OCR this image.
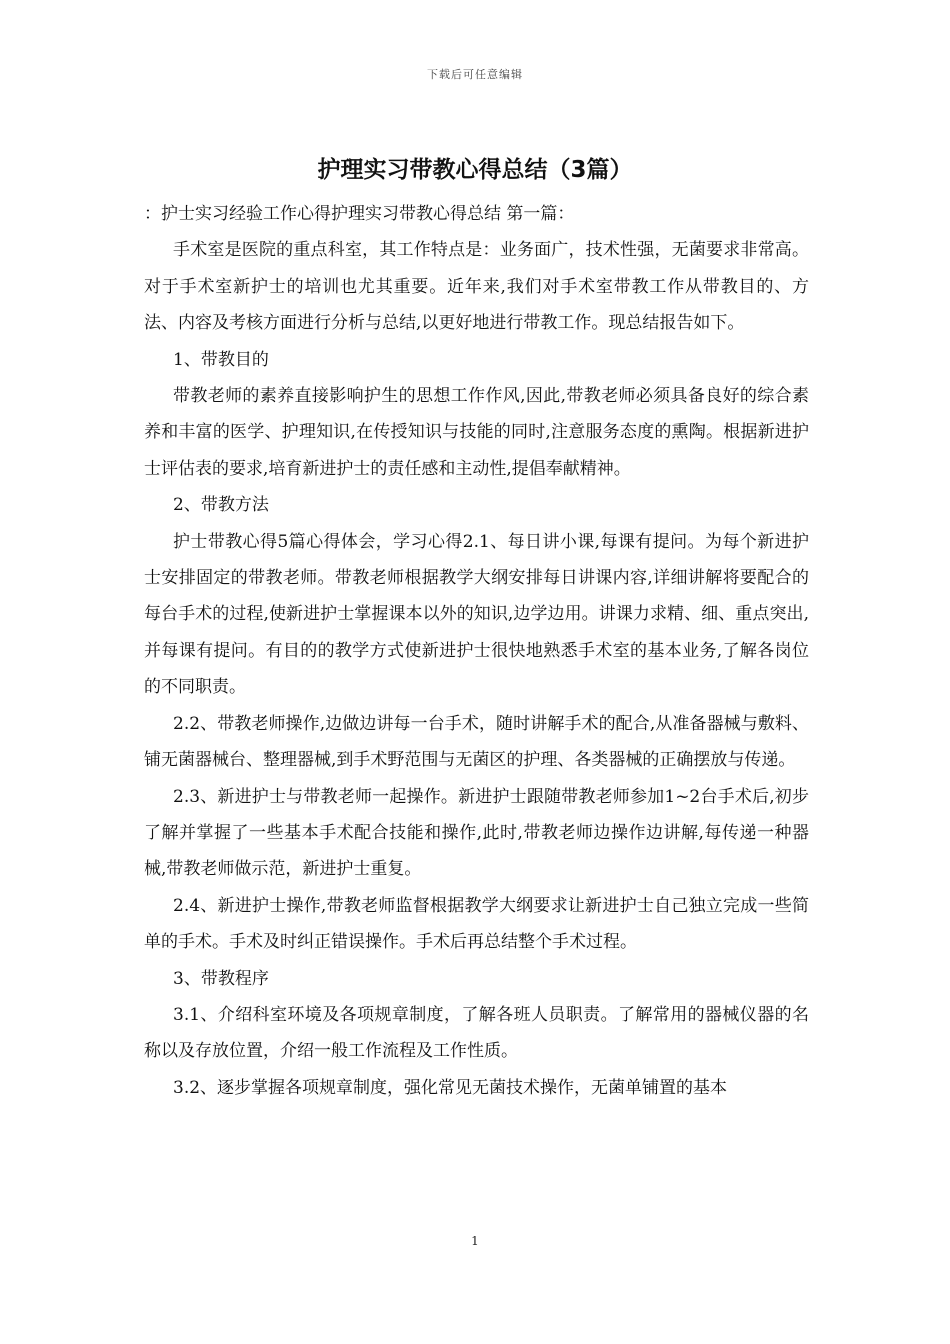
下载后可任意编辑
护理实习带教心得总结（3篇）

：护士实习经验工作心得护理实习带教心得总结 第一篇：

手术室是医院的重点科室，其工作特点是：业务面广，技术性强，无菌要求非常高。对于手术室新护士的培训也尤其重要。近年来,我们对手术室带教工作从带教目的、方法、内容及考核方面进行分析与总结,以更好地进行带教工作。现总结报告如下。

1、带教目的

带教老师的素养直接影响护生的思想工作作风,因此,带教老师必须具备良好的综合素养和丰富的医学、护理知识,在传授知识与技能的同时,注意服务态度的熏陶。根据新进护士评估表的要求,培育新进护士的责任感和主动性,提倡奉献精神。

2、带教方法

护士带教心得5篇心得体会，学习心得2.1、每日讲小课,每课有提问。为每个新进护士安排固定的带教老师。带教老师根据教学大纲安排每日讲课内容,详细讲解将要配合的每台手术的过程,使新进护士掌握课本以外的知识,边学边用。讲课力求精、细、重点突出,并每课有提问。有目的的教学方式使新进护士很快地熟悉手术室的基本业务,了解各岗位的不同职责。

2.2、带教老师操作,边做边讲每一台手术，随时讲解手术的配合,从准备器械与敷料、铺无菌器械台、整理器械,到手术野范围与无菌区的护理、各类器械的正确摆放与传递。

2.3、新进护士与带教老师一起操作。新进护士跟随带教老师参加1~2台手术后,初步了解并掌握了一些基本手术配合技能和操作,此时,带教老师边操作边讲解,每传递一种器械,带教老师做示范，新进护士重复。

2.4、新进护士操作,带教老师监督根据教学大纲要求让新进护士自己独立完成一些简单的手术。手术及时纠正错误操作。手术后再总结整个手术过程。

3、带教程序

3.1、介绍科室环境及各项规章制度，了解各班人员职责。了解常用的器械仪器的名称以及存放位置，介绍一般工作流程及工作性质。

3.2、逐步掌握各项规章制度，强化常见无菌技术操作，无菌单铺置的基本

1
